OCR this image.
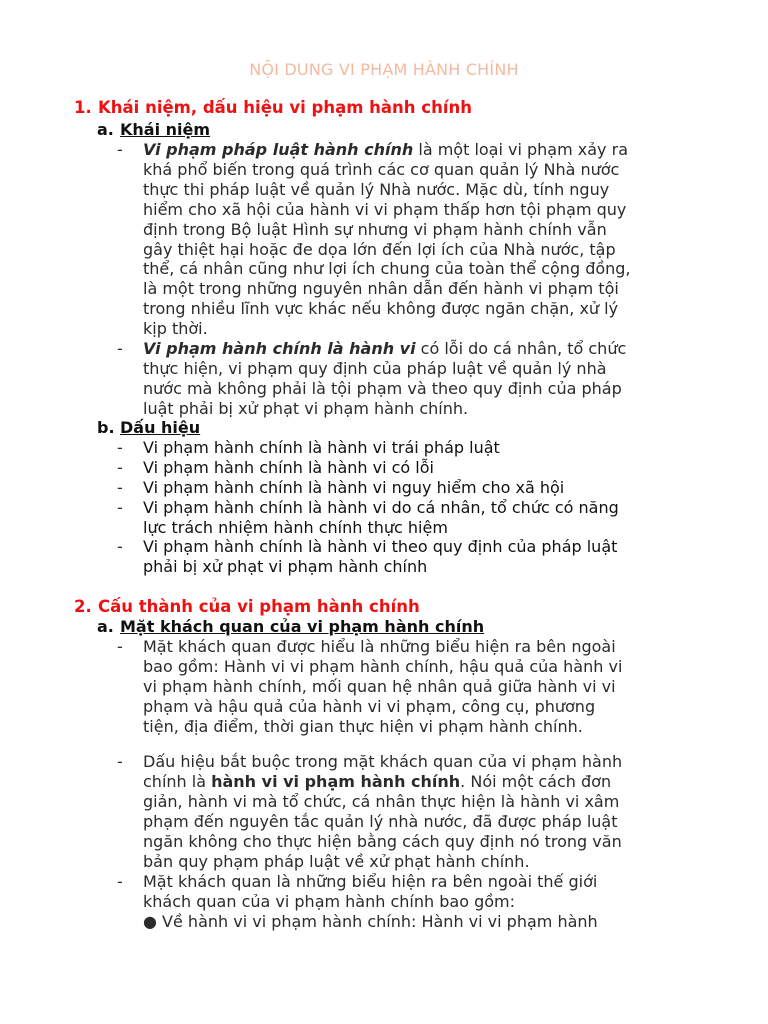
NỘI DUNG VI PHẠM HÀNH CHÍNH
1. Khái niệm, dấu hiệu vi phạm hành chính
a. Khái niệm
-	Vi phạm pháp luật hành chính là một loại vi phạm xảy ra
khá phổ biến trong quá trình các cơ quan quản lý Nhà nước
thực thi pháp luật về quản lý Nhà nước. Mặc dù, tính nguy
hiểm cho xã hội của hành vi vi phạm thấp hơn tội phạm quy
định trong Bộ luật Hình sự nhưng vi phạm hành chính vẫn
gây thiệt hại hoặc đe dọa lớn đến lợi ích của Nhà nước, tập
thể, cá nhân cũng như lợi ích chung của toàn thể cộng đồng,
là một trong những nguyên nhân dẫn đến hành vi phạm tội
trong nhiều lĩnh vực khác nếu không được ngăn chặn, xử lý
kịp thời.
-	Vi phạm hành chính là hành vi có lỗi do cá nhân, tổ chức
thực hiện, vi phạm quy định của pháp luật về quản lý nhà
nước mà không phải là tội phạm và theo quy định của pháp
luật phải bị xử phạt vi phạm hành chính.
b. Dấu hiệu
-	Vi phạm hành chính là hành vi trái pháp luật
-	Vi phạm hành chính là hành vi có lỗi
-	Vi phạm hành chính là hành vi nguy hiểm cho xã hội
-	Vi phạm hành chính là hành vi do cá nhân, tổ chức có năng
lực trách nhiệm hành chính thực hiệm
-	Vi phạm hành chính là hành vi theo quy định của pháp luật
phải bị xử phạt vi phạm hành chính
2. Cấu thành của vi phạm hành chính
a. Mặt khách quan của vi phạm hành chính
-	Mặt khách quan được hiểu là những biểu hiện ra bên ngoài
bao gồm: Hành vi vi phạm hành chính, hậu quả của hành vi
vi phạm hành chính, mối quan hệ nhân quả giữa hành vi vi
phạm và hậu quả của hành vi vi phạm, công cụ, phương
tiện, địa điểm, thời gian thực hiện vi phạm hành chính.
-	Dấu hiệu bắt buộc trong mặt khách quan của vi phạm hành
chính là hành vi vi phạm hành chính. Nói một cách đơn
giản, hành vi mà tổ chức, cá nhân thực hiện là hành vi xâm
phạm đến nguyên tắc quản lý nhà nước, đã được pháp luật
ngăn không cho thực hiện bằng cách quy định nó trong văn
bản quy phạm pháp luật về xử phạt hành chính.
-	Mặt khách quan là những biểu hiện ra bên ngoài thế giới
khách quan của vi phạm hành chính bao gồm:
● Về hành vi vi phạm hành chính: Hành vi vi phạm hành
